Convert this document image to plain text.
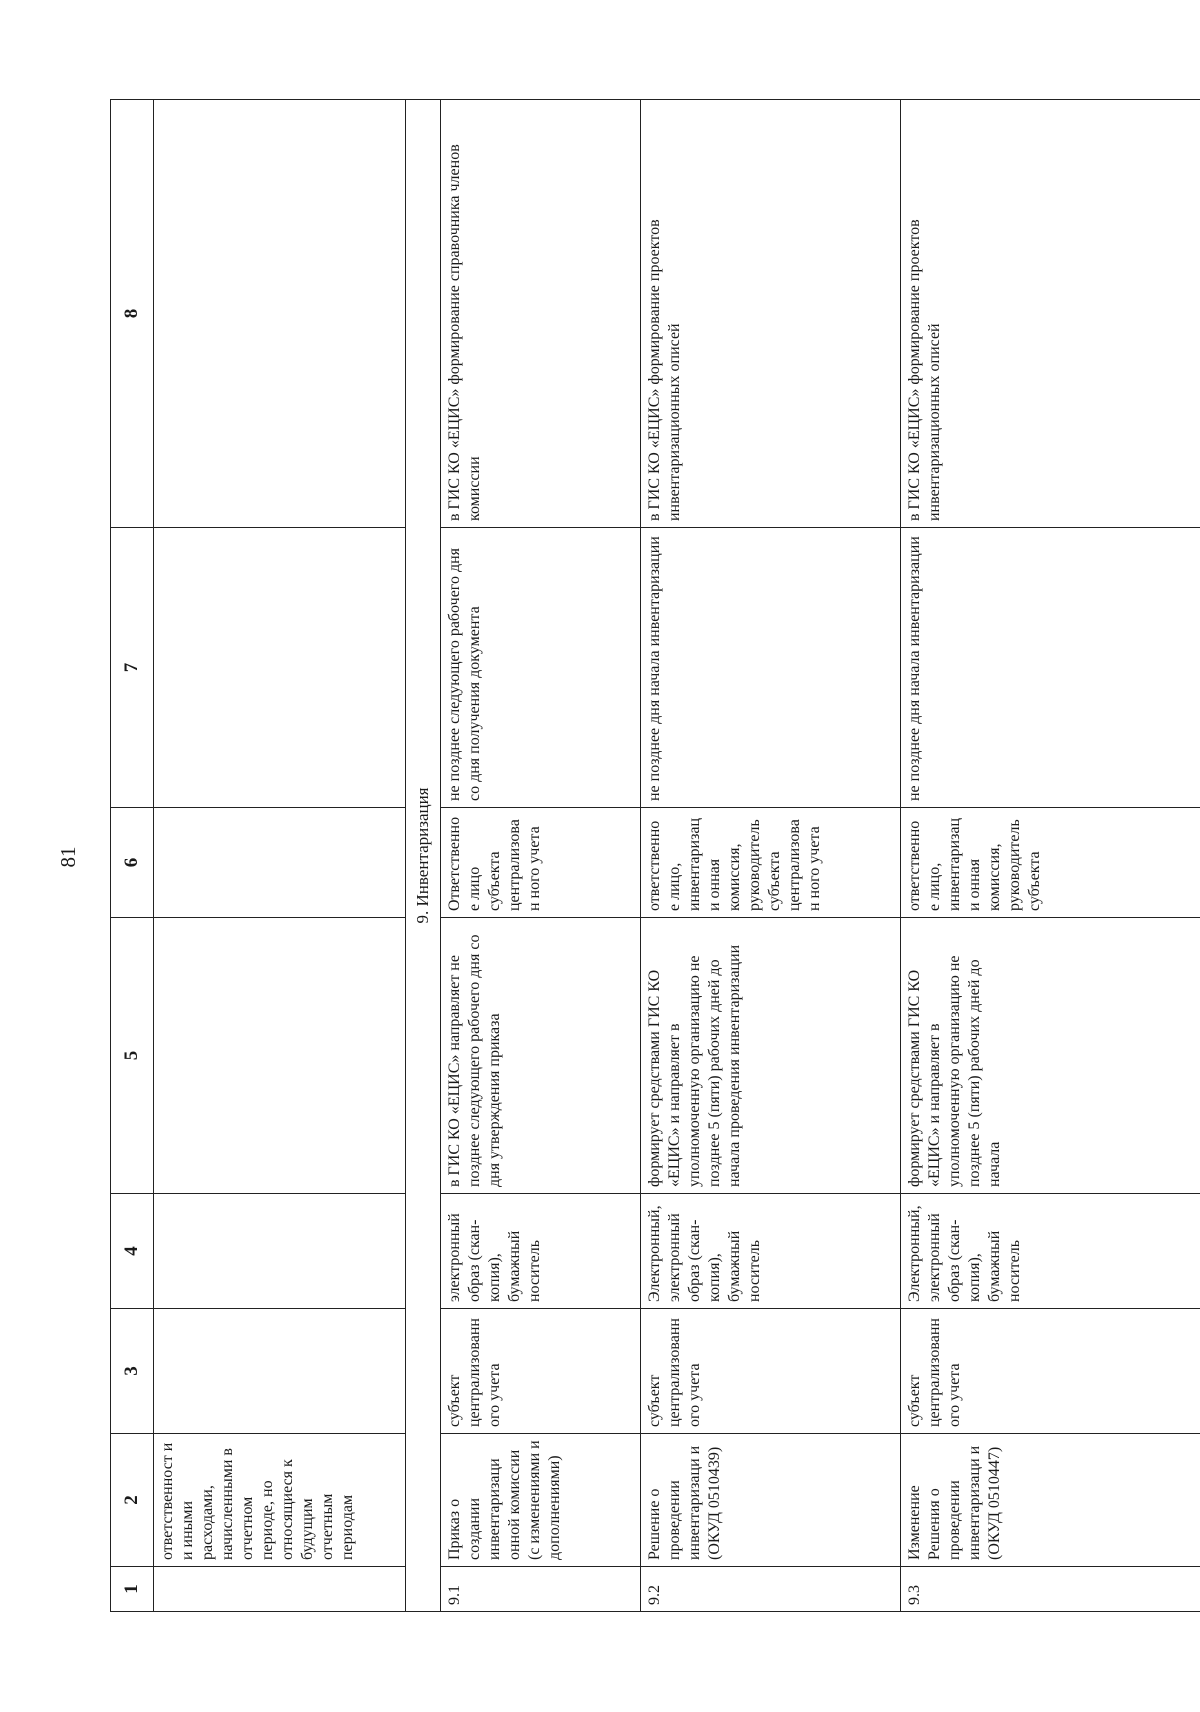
81
1	2	3	4	5	6	7	8
	ответственност и и иными расходами, начисленными в отчетном периоде, но относящиеся к будущим отчетным периодам						
9. Инвентаризация							
9.1	Приказ о создании инвентаризаци онной комиссии (с изменениями и дополнениями)	субъект централизованн ого учета	электронный образ (скан-копия), бумажный носитель	в ГИС КО «ЕЦИС» направляет не позднее следующего рабочего дня со дня утверждения приказа	Ответственное лицо субъекта централизован ного учета	не позднее следующего рабочего дня со дня получения документа	в ГИС КО «ЕЦИС» формирование справочника членов комиссии
9.2	Решение о проведении инвентаризаци и (ОКУД 0510439)	субъект централизованн ого учета	Электронный, электронный образ (скан-копия), бумажный носитель	формирует средствами ГИС КО «ЕЦИС» и направляет в уполномоченную организацию не позднее 5 (пяти) рабочих дней до начала проведения инвентаризации	ответственное лицо, инвентаризаци онная комиссия, руководитель субъекта централизован ного учета	не позднее дня начала инвентаризации	в ГИС КО «ЕЦИС» формирование проектов инвентаризационных описей
9.3	Изменение Решения о проведении инвентаризаци и (ОКУД 0510447)	субъект централизованн ого учета	Электронный, электронный образ (скан-копия), бумажный носитель	формирует средствами ГИС КО «ЕЦИС» и направляет в уполномоченную организацию не позднее 5 (пяти) рабочих дней до начала	ответственное лицо, инвентаризаци онная комиссия, руководитель субъекта	не позднее дня начала инвентаризации	в ГИС КО «ЕЦИС» формирование проектов инвентаризационных описей
